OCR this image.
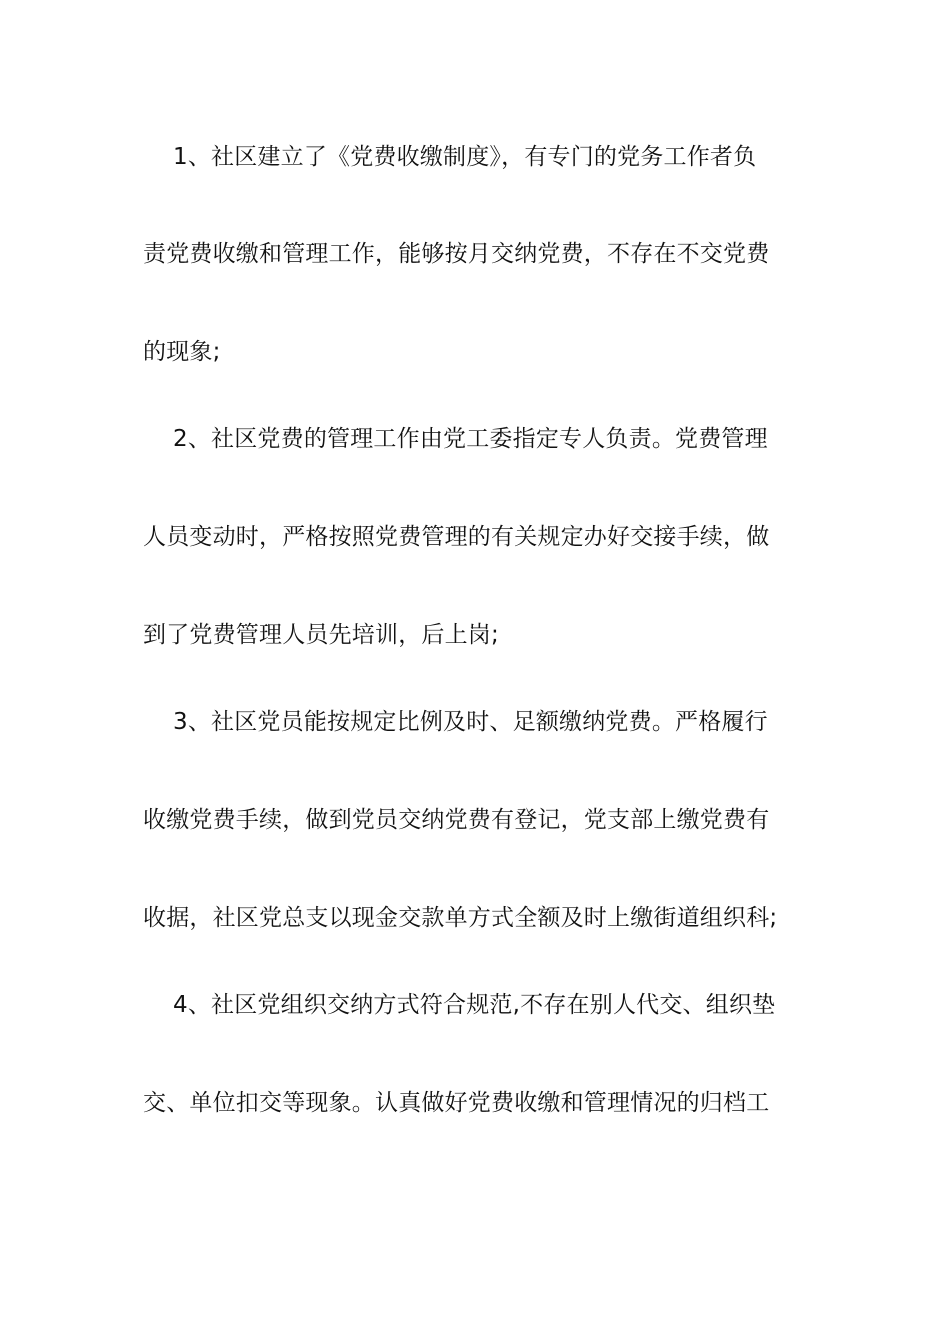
1、社区建立了《党费收缴制度》，有专门的党务工作者负
责党费收缴和管理工作，能够按月交纳党费，不存在不交党费
的现象;
2、社区党费的管理工作由党工委指定专人负责。党费管理
人员变动时，严格按照党费管理的有关规定办好交接手续，做
到了党费管理人员先培训，后上岗;
3、社区党员能按规定比例及时、足额缴纳党费。严格履行
收缴党费手续，做到党员交纳党费有登记，党支部上缴党费有
收据，社区党总支以现金交款单方式全额及时上缴街道组织科;
4、社区党组织交纳方式符合规范,不存在别人代交、组织垫
交、单位扣交等现象。认真做好党费收缴和管理情况的归档工
